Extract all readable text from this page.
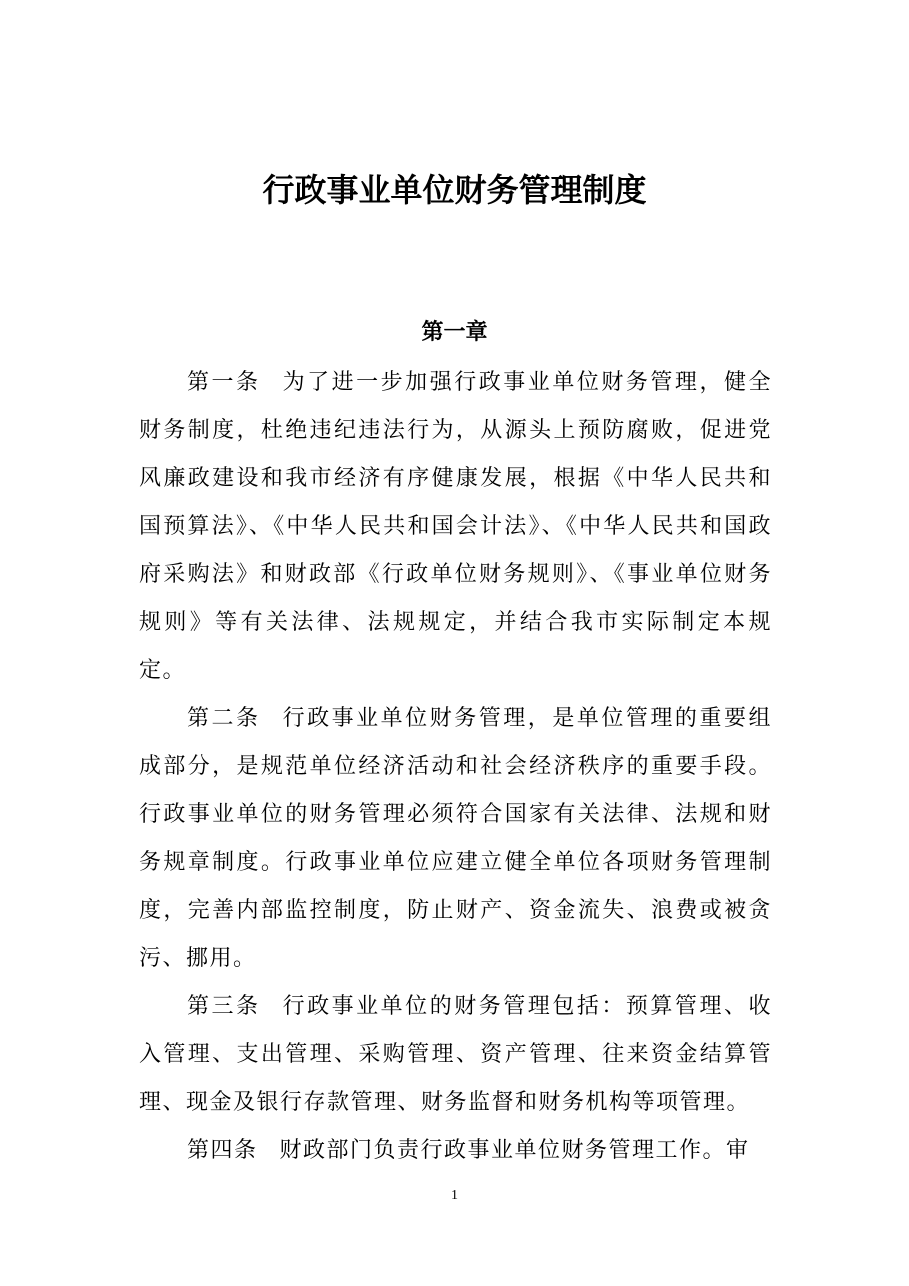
行政事业单位财务管理制度
第一章

第一条 为了进一步加强行政事业单位财务管理，健全财务制度，杜绝违纪违法行为，从源头上预防腐败，促进党风廉政建设和我市经济有序健康发展，根据《中华人民共和国预算法》、《中华人民共和国会计法》、《中华人民共和国政府采购法》和财政部《行政单位财务规则》、《事业单位财务规则》等有关法律、法规规定，并结合我市实际制定本规定。

第二条 行政事业单位财务管理，是单位管理的重要组成部分，是规范单位经济活动和社会经济秩序的重要手段。行政事业单位的财务管理必须符合国家有关法律、法规和财务规章制度。行政事业单位应建立健全单位各项财务管理制度，完善内部监控制度，防止财产、资金流失、浪费或被贪污、挪用。

第三条 行政事业单位的财务管理包括：预算管理、收入管理、支出管理、采购管理、资产管理、往来资金结算管理、现金及银行存款管理、财务监督和财务机构等项管理。

第四条 财政部门负责行政事业单位财务管理工作。审

1
